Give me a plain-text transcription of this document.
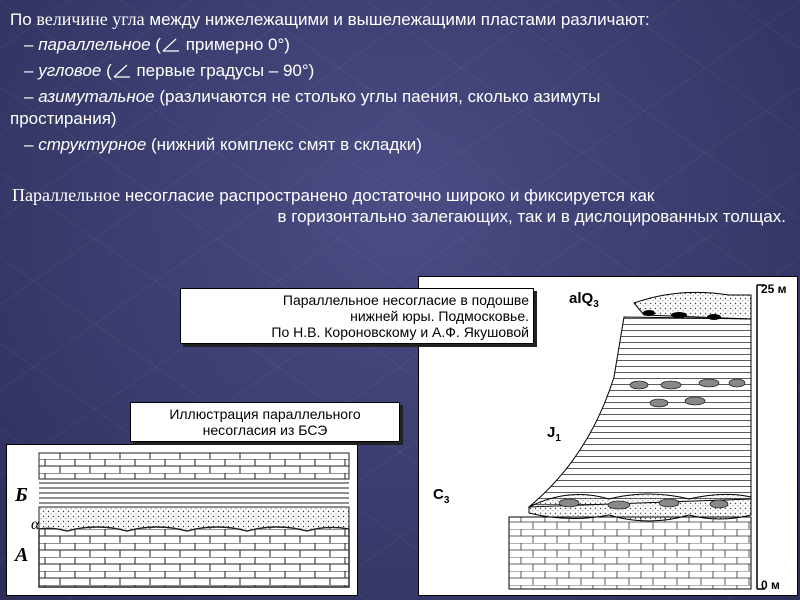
По величине угла между нижележащими и вышележащими пластами различают:
– параллельное ( примерно 0°)
– угловое ( первые градусы – 90°)
– азимутальное (различаются не столько углы паения, сколько азимуты
простирания)
– структурное (нижний комплекс смят в складки)
Параллельное несогласие распространено достаточно широко и фиксируется как
в горизонтально залегающих, так и в дислоцированных толщах.
alQ$_3$
$J_1$
$C_3$
25 м
0 м
Параллельное несогласие в подошве
нижней юры. Подмосковье.
По Н.В. Короновскому и А.Ф. Якушовой
Б
α
А
Иллюстрация параллельного
несогласия из БСЭ
